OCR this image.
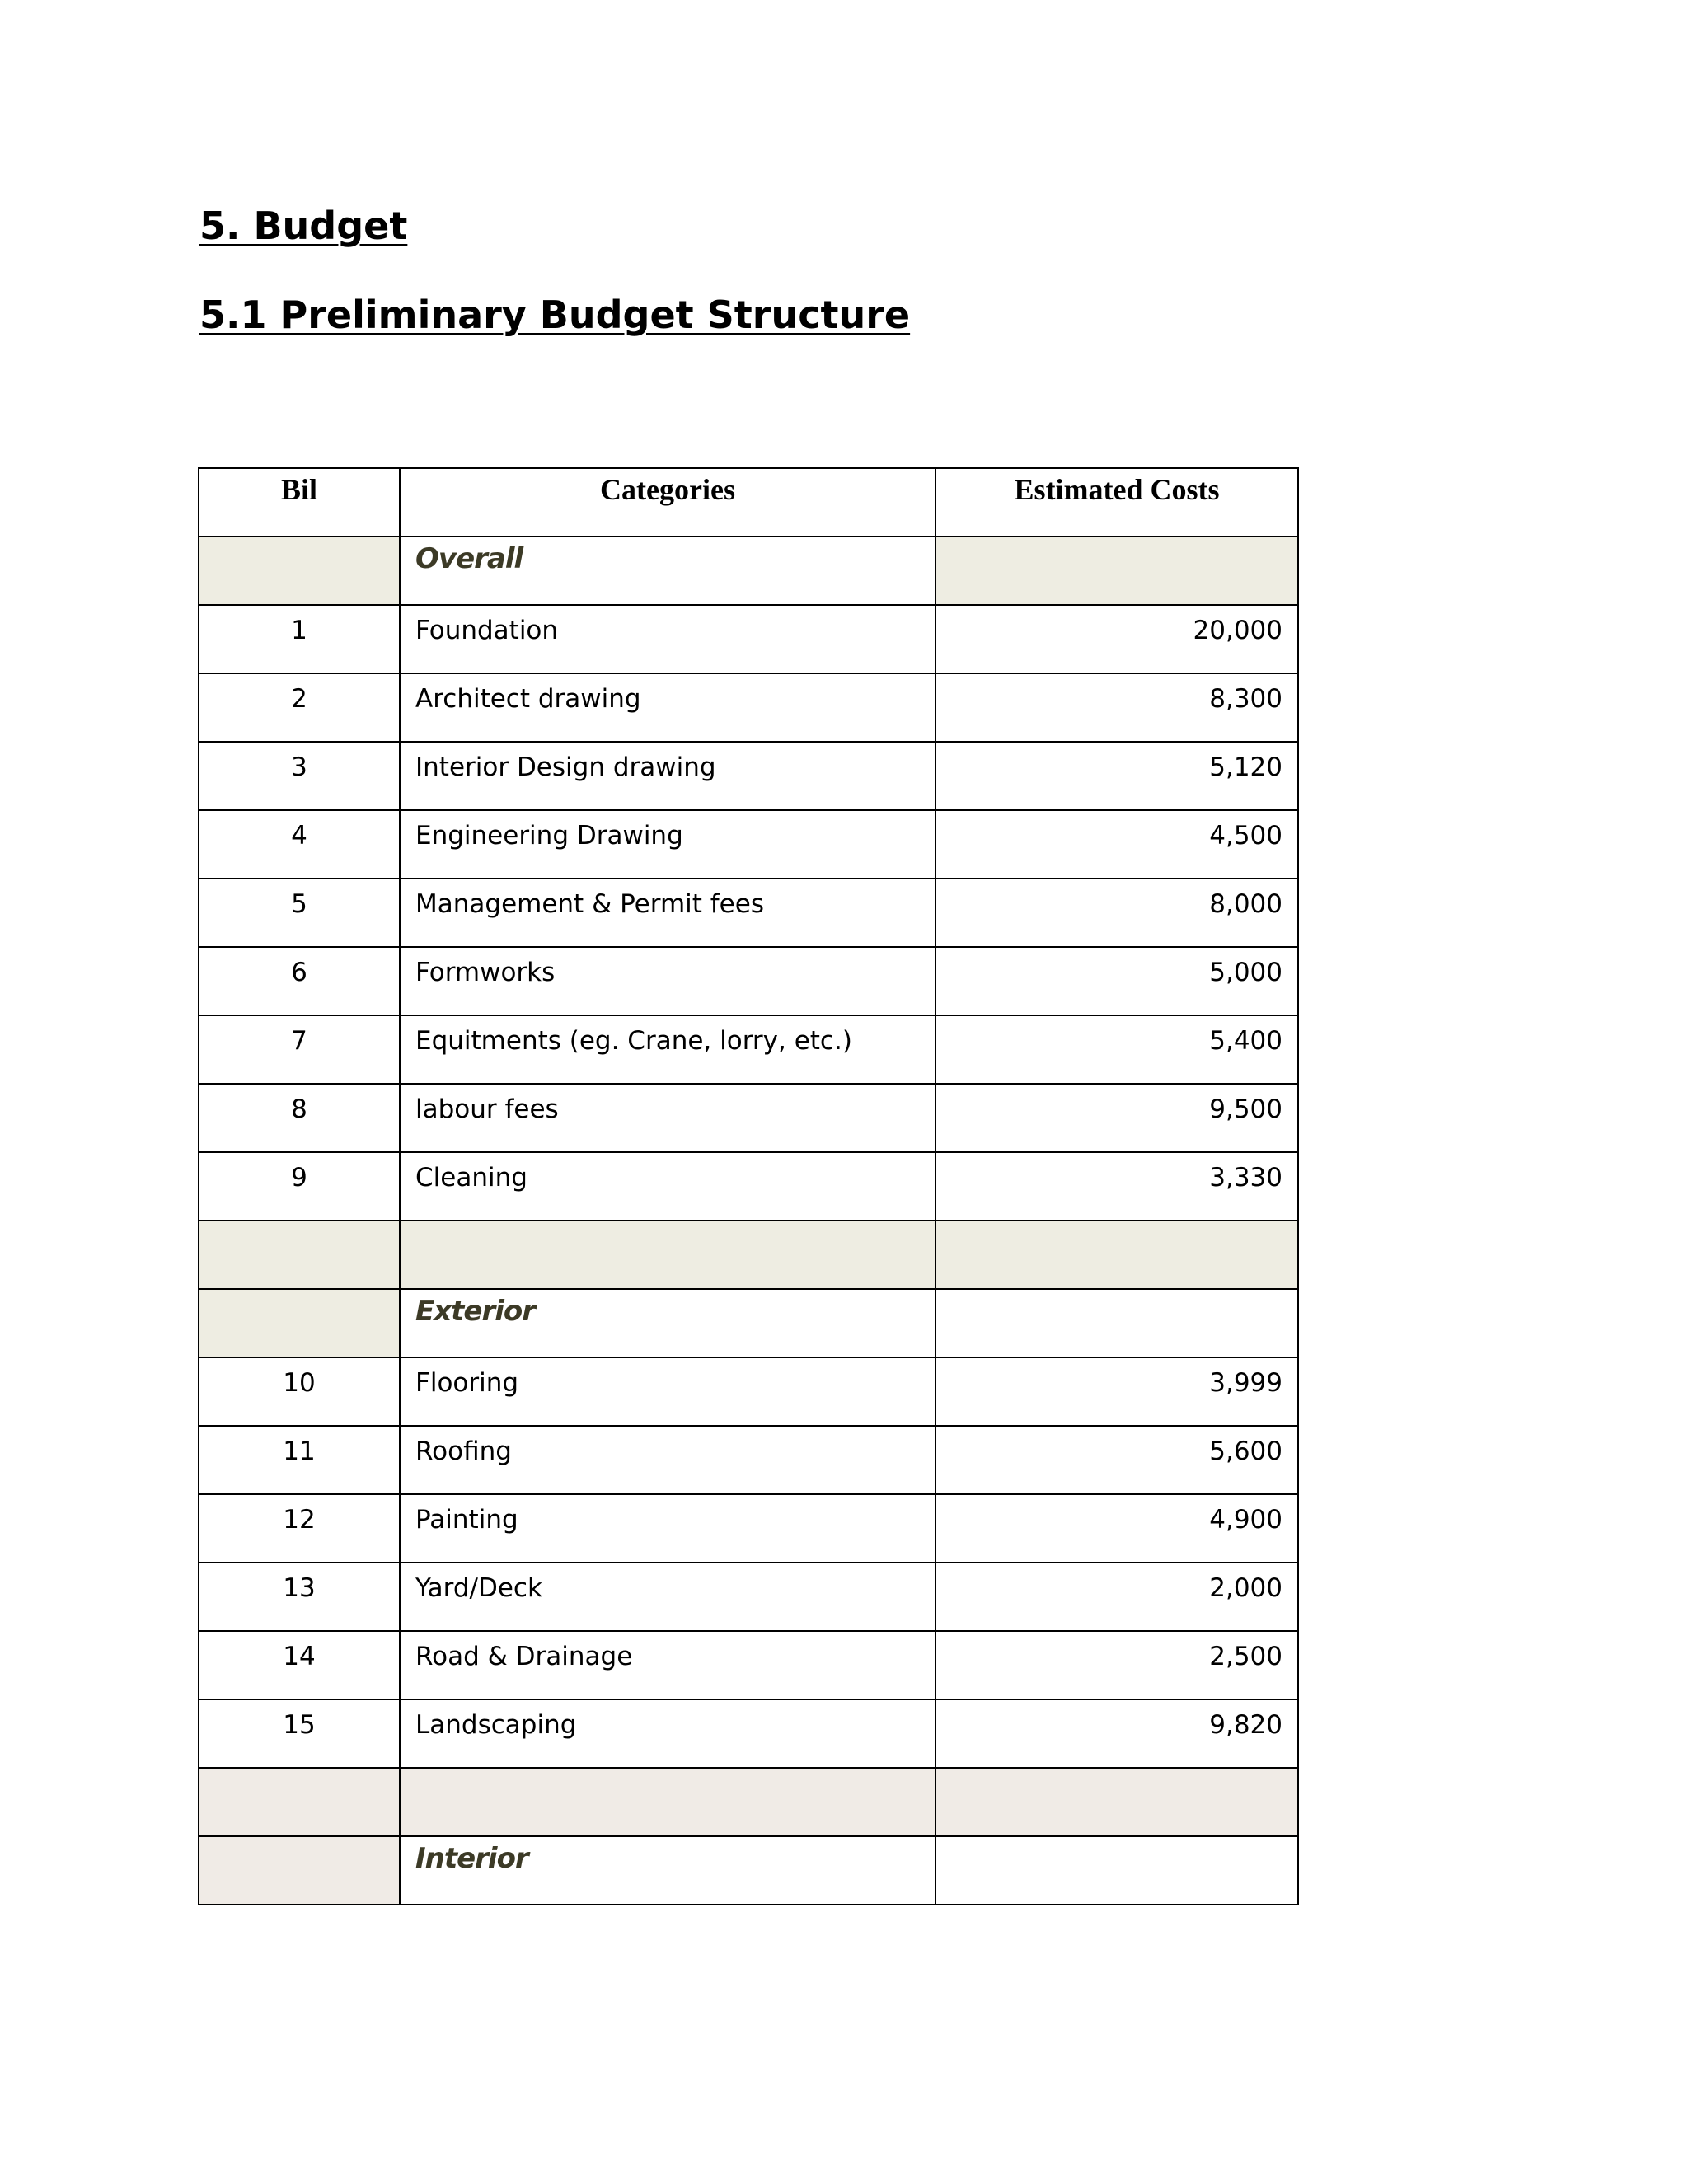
5. Budget
5.1 Preliminary Budget Structure
Bil	Categories	Estimated Costs
	Overall	
1	Foundation	20,000
2	Architect drawing	8,300
3	Interior Design drawing	5,120
4	Engineering Drawing	4,500
5	Management & Permit fees	8,000
6	Formworks	5,000
7	Equitments (eg. Crane, lorry, etc.)	5,400
8	labour fees	9,500
9	Cleaning	3,330

	Exterior	
10	Flooring	3,999
11	Roofing	5,600
12	Painting	4,900
13	Yard/Deck	2,000
14	Road & Drainage	2,500
15	Landscaping	9,820

	Interior	
